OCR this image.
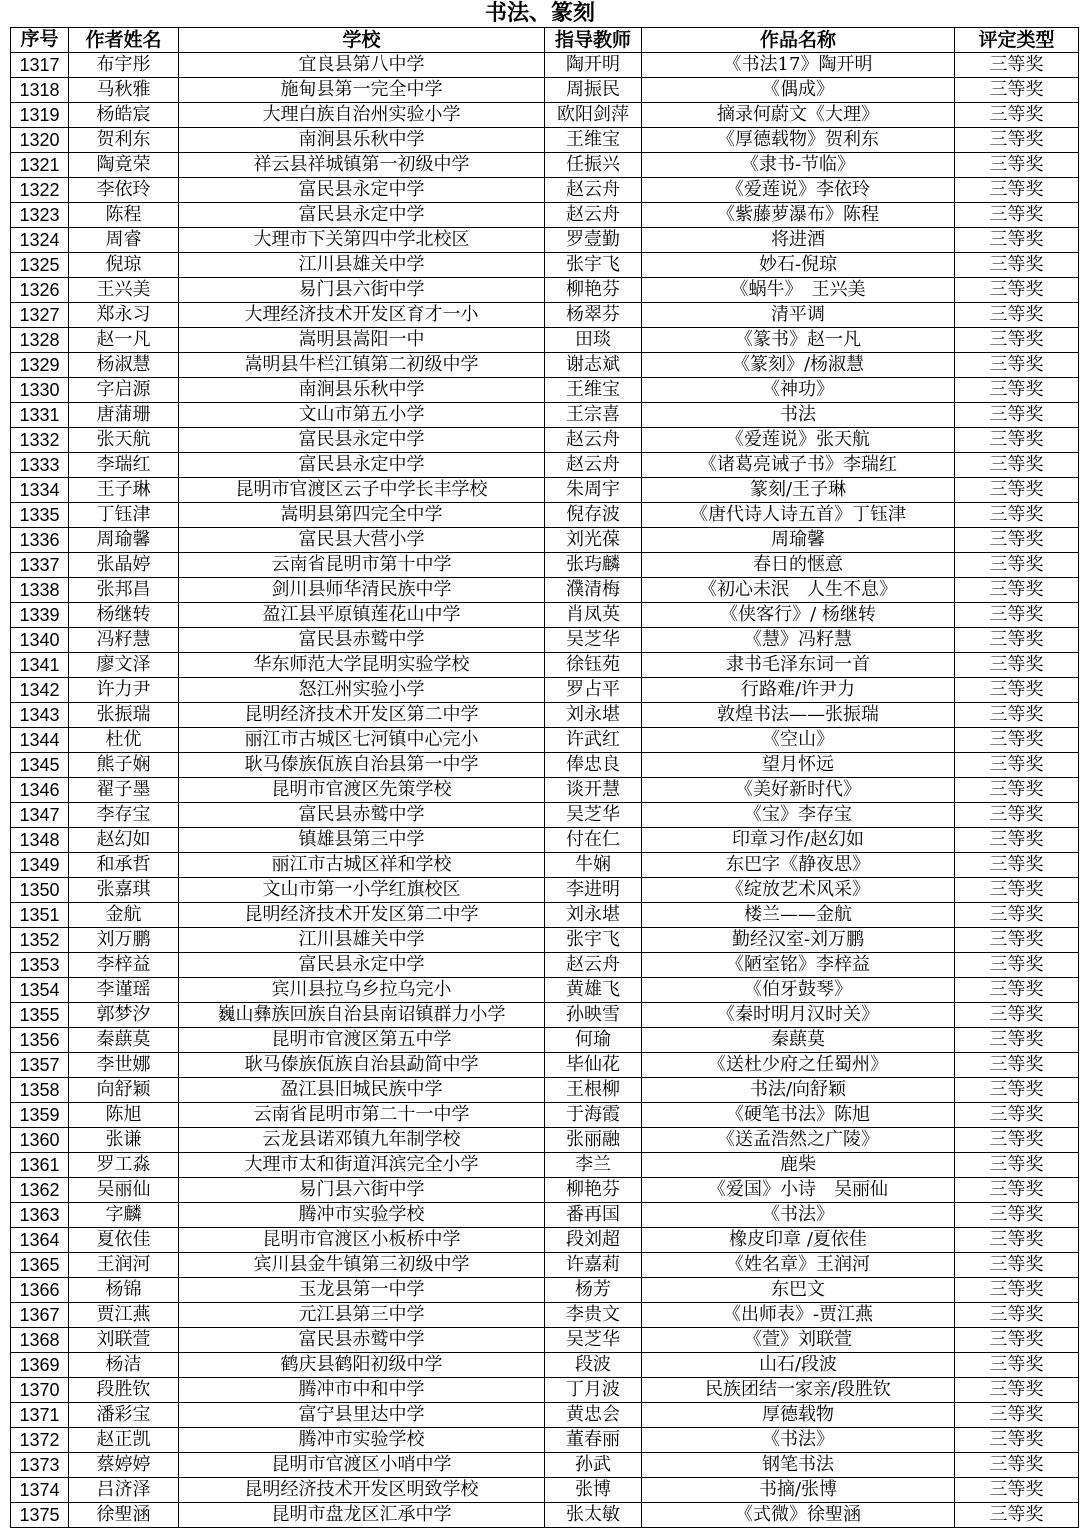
书法、篆刻
序号	作者姓名	学校	指导教师	作品名称	评定类型
1317	布宇彤	宜良县第八中学	陶开明	《书法17》陶开明	三等奖
1318	马秋雅	施甸县第一完全中学	周振民	《偶成》	三等奖
1319	杨皓宸	大理白族自治州实验小学	欧阳剑萍	摘录何蔚文《大理》	三等奖
1320	贺利东	南涧县乐秋中学	王维宝	《厚德载物》贺利东	三等奖
1321	陶竟荣	祥云县祥城镇第一初级中学	任振兴	《隶书-节临》	三等奖
1322	李依玲	富民县永定中学	赵云舟	《爱莲说》李依玲	三等奖
1323	陈程	富民县永定中学	赵云舟	《紫藤萝瀑布》陈程	三等奖
1324	周睿	大理市下关第四中学北校区	罗壹勤	将进酒	三等奖
1325	倪琼	江川县雄关中学	张宇飞	妙石-倪琼	三等奖
1326	王兴美	易门县六街中学	柳艳芬	《蜗牛》　王兴美	三等奖
1327	郑永习	大理经济技术开发区育才一小	杨翠芬	清平调	三等奖
1328	赵一凡	嵩明县嵩阳一中	田琰	《篆书》赵一凡	三等奖
1329	杨淑慧	嵩明县牛栏江镇第二初级中学	谢志斌	《篆刻》/杨淑慧	三等奖
1330	字启源	南涧县乐秋中学	王维宝	《神功》	三等奖
1331	唐蒲珊	文山市第五小学	王宗喜	书法	三等奖
1332	张天航	富民县永定中学	赵云舟	《爱莲说》张天航	三等奖
1333	李瑞红	富民县永定中学	赵云舟	《诸葛亮诫子书》李瑞红	三等奖
1334	王子琳	昆明市官渡区云子中学长丰学校	朱周宇	篆刻/王子琳	三等奖
1335	丁钰津	嵩明县第四完全中学	倪存波	《唐代诗人诗五首》丁钰津	三等奖
1336	周瑜馨	富民县大营小学	刘光葆	周瑜馨	三等奖
1337	张晶婷	云南省昆明市第十中学	张玙麟	春日的惬意	三等奖
1338	张邦昌	剑川县师华清民族中学	濮清梅	《初心未泯　人生不息》	三等奖
1339	杨继转	盈江县平原镇莲花山中学	肖凤英	《侠客行》/ 杨继转	三等奖
1340	冯籽慧	富民县赤鹫中学	吴芝华	《慧》冯籽慧	三等奖
1341	廖文泽	华东师范大学昆明实验学校	徐钰苑	隶书毛泽东词一首	三等奖
1342	许力尹	怒江州实验小学	罗占平	行路难/许尹力	三等奖
1343	张振瑞	昆明经济技术开发区第二中学	刘永堪	敦煌书法——张振瑞	三等奖
1344	杜优	丽江市古城区七河镇中心完小	许武红	《空山》	三等奖
1345	熊子娴	耿马傣族佤族自治县第一中学	俸忠良	望月怀远	三等奖
1346	翟子墨	昆明市官渡区先策学校	谈开慧	《美好新时代》	三等奖
1347	李存宝	富民县赤鹫中学	吴芝华	《宝》李存宝	三等奖
1348	赵幻如	镇雄县第三中学	付在仁	印章习作/赵幻如	三等奖
1349	和承哲	丽江市古城区祥和学校	牛娴	东巴字《静夜思》	三等奖
1350	张嘉琪	文山市第一小学红旗校区	李进明	《绽放艺术风采》	三等奖
1351	金航	昆明经济技术开发区第二中学	刘永堪	楼兰——金航	三等奖
1352	刘万鹏	江川县雄关中学	张宇飞	勤经汉室-刘万鹏	三等奖
1353	李梓益	富民县永定中学	赵云舟	《陋室铭》李梓益	三等奖
1354	李谨瑶	宾川县拉乌乡拉乌完小	黄雄飞	《伯牙鼓琴》	三等奖
1355	郭梦汐	巍山彝族回族自治县南诏镇群力小学	孙映雪	《秦时明月汉时关》	三等奖
1356	秦蕻莫	昆明市官渡区第五中学	何瑜	秦蕻莫	三等奖
1357	李世娜	耿马傣族佤族自治县勐简中学	毕仙花	《送杜少府之任蜀州》	三等奖
1358	向舒颖	盈江县旧城民族中学	王根柳	书法/向舒颖	三等奖
1359	陈旭	云南省昆明市第二十一中学	于海霞	《硬笔书法》陈旭	三等奖
1360	张谦	云龙县诺邓镇九年制学校	张丽融	《送孟浩然之广陵》	三等奖
1361	罗工淼	大理市太和街道洱滨完全小学	李兰	鹿柴	三等奖
1362	吴丽仙	易门县六街中学	柳艳芬	《爱国》小诗　吴丽仙	三等奖
1363	字麟	腾冲市实验学校	番再国	《书法》	三等奖
1364	夏依佳	昆明市官渡区小板桥中学	段刘超	橡皮印章 /夏依佳	三等奖
1365	王润河	宾川县金牛镇第三初级中学	许嘉莉	《姓名章》王润河	三等奖
1366	杨锦	玉龙县第一中学	杨芳	东巴文	三等奖
1367	贾江燕	元江县第三中学	李贵文	《出师表》-贾江燕	三等奖
1368	刘联萱	富民县赤鹫中学	吴芝华	《萱》刘联萱	三等奖
1369	杨洁	鹤庆县鹤阳初级中学	段波	山石/段波	三等奖
1370	段胜钦	腾冲市中和中学	丁月波	民族团结一家亲/段胜钦	三等奖
1371	潘彩宝	富宁县里达中学	黄忠会	厚德载物	三等奖
1372	赵正凯	腾冲市实验学校	董春丽	《书法》	三等奖
1373	蔡婷婷	昆明市官渡区小哨中学	孙武	钢笔书法	三等奖
1374	吕济泽	昆明经济技术开发区明致学校	张博	书摘/张博	三等奖
1375	徐聖涵	昆明市盘龙区汇承中学	张太敏	《式微》徐聖涵	三等奖
